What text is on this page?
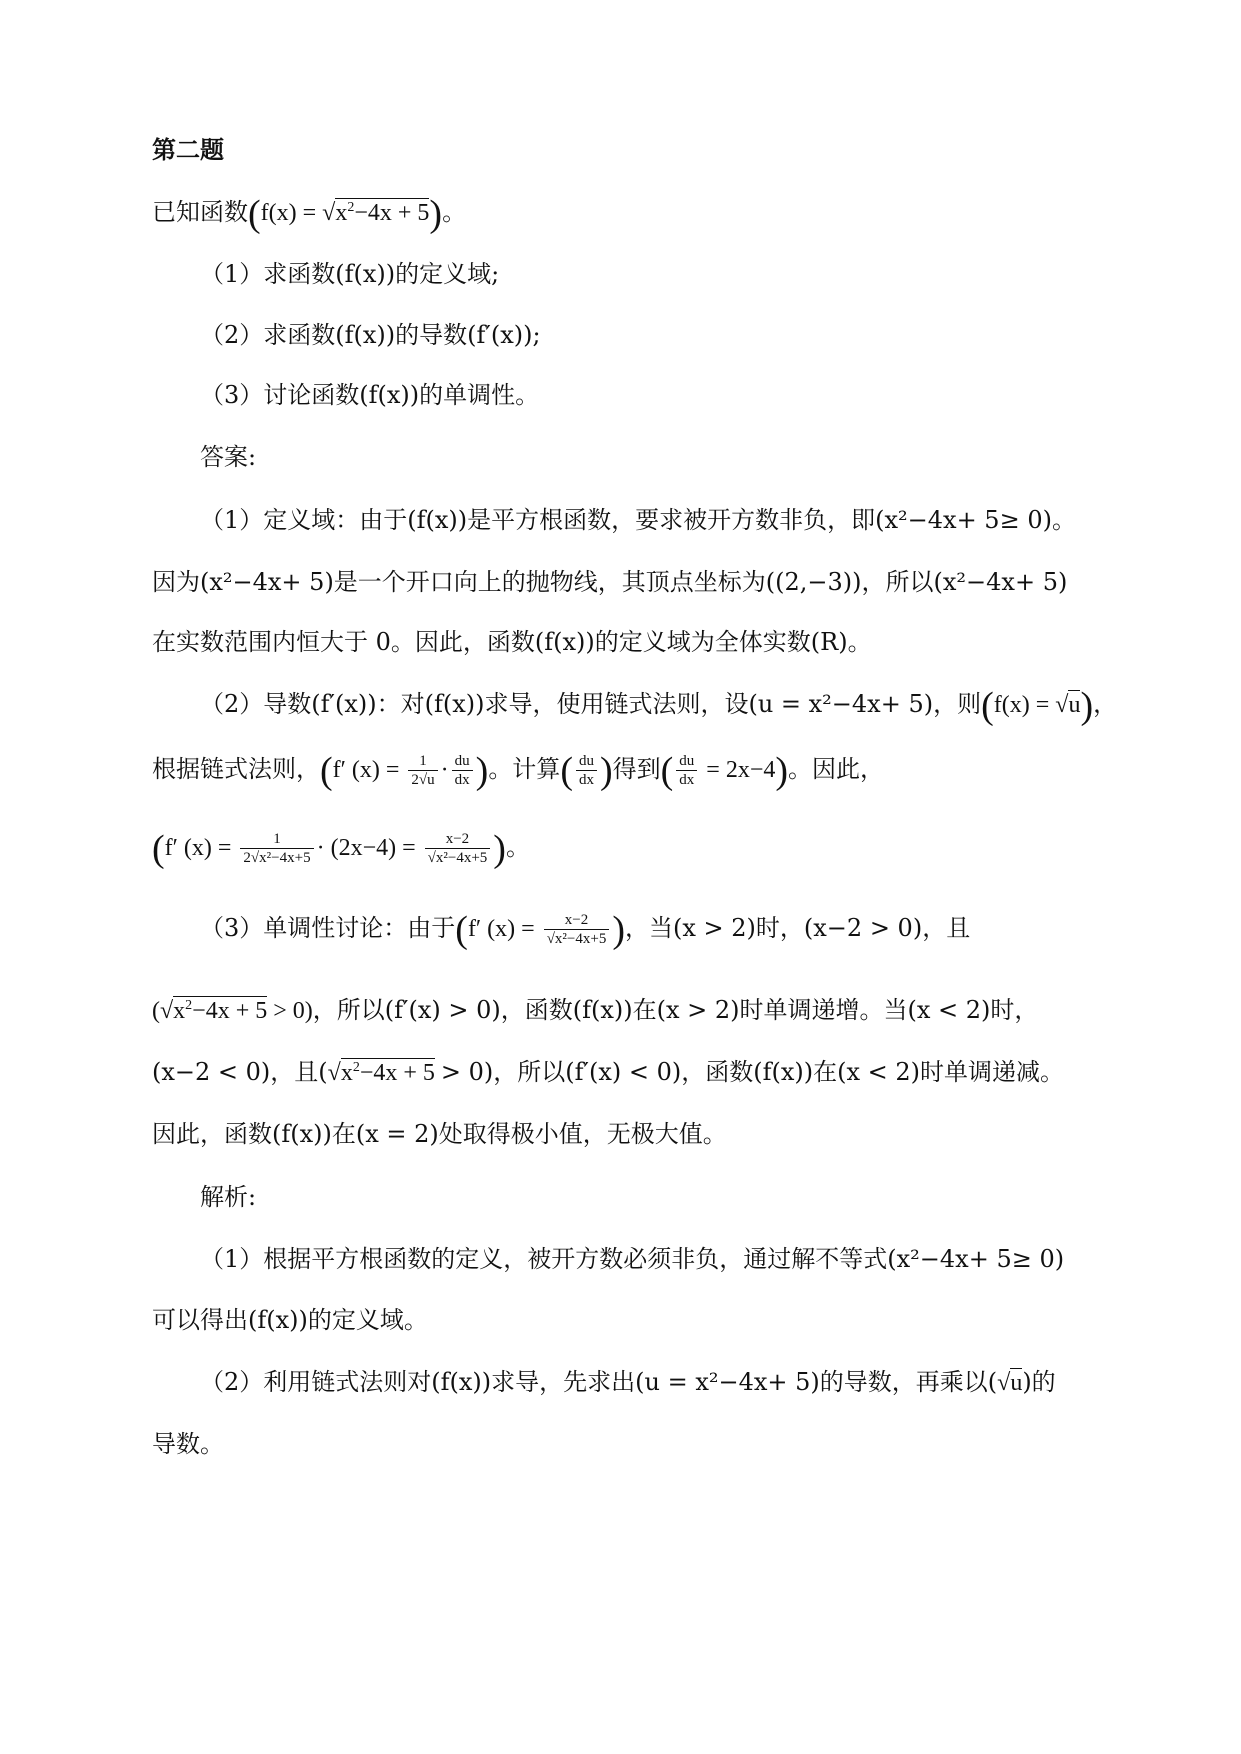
第二题
已知函数$(f(x) = √x^2-4x + 5)$。
（1）求函数(f(x))的定义域;
（2）求函数(f(x))的导数(f′(x));
（3）讨论函数(f(x))的单调性。
答案:
（1）定义域：由于(f(x))是平方根函数，要求被开方数非负，即(x²−4x+ 5≥ 0)。
因为(x²−4x+ 5)是一个开口向上的抛物线，其顶点坐标为((2,−3))，所以(x²−4x+ 5)
在实数范围内恒大于 0。因此，函数(f(x))的定义域为全体实数(R)。
（2）导数(f′(x))：对(f(x))求导，使用链式法则，设(u = x²−4x+ 5)，则(f(x) = √u)，
根据链式法则，(f′ $(x) = \frac{1}{2√u} \cdot \frac{du}{dx}$ )。计算( $\frac{du}{dx}$ )得到( $\frac{du}{dx} = 2x-4$)。因此，
(f′ $(x) = \frac{1}{\text{2√x²−4x+5}} \cdot (2x-4) = \frac{x-2}{\text{√x²−4x+5}}$ )。
（3）单调性讨论：由于(f′ $(x) = \frac{x-2}{\text{√x²−4x+5}}$ )，当(x > 2)时，(x−2 > 0)，且
$(√x^2-4x + 5 > 0)$，所以(f′(x) > 0)，函数(f(x))在(x > 2)时单调递增。当(x < 2)时，
(x−2 < 0)，且$(√x^2-4x + 5 > 0)$，所以(f′(x) < 0)，函数(f(x))在(x < 2)时单调递减。
因此，函数(f(x))在(x = 2)处取得极小值，无极大值。
解析:
（1）根据平方根函数的定义，被开方数必须非负，通过解不等式(x²−4x+ 5≥ 0)
可以得出(f(x))的定义域。
（2）利用链式法则对(f(x))求导，先求出(u = x²−4x+ 5)的导数，再乘以(√u)的
导数。
